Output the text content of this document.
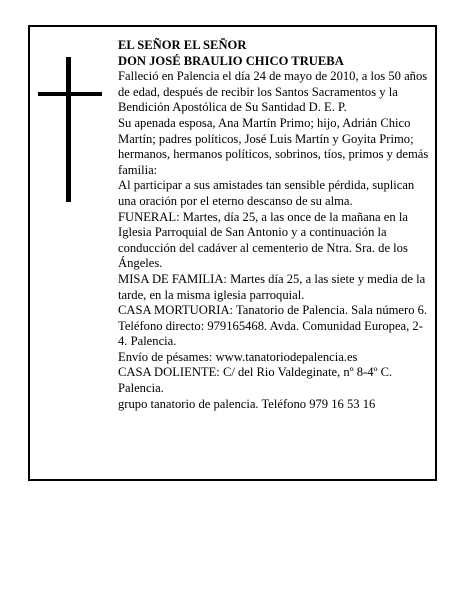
EL SEÑOR EL SEÑOR

DON JOSÉ BRAULIO CHICO TRUEBA

Falleció en Palencia el día 24 de mayo de 2010, a los 50 años de edad, después de recibir los Santos Sacramentos y la Bendición Apostólica de Su Santidad D. E. P.

Su apenada esposa, Ana Martín Primo; hijo, Adrián Chico Martín; padres políticos, José Luis Martín y Goyita Primo; hermanos, hermanos políticos, sobrinos, tíos, primos y demás familia:

Al participar a sus amistades tan sensible pérdida, suplican una oración por el eterno descanso de su alma.

FUNERAL: Martes, día 25, a las once de la mañana en la Iglesia Parroquial de San Antonio y a continuación la conducción del cadáver al cementerio de Ntra. Sra. de los Ángeles.

MISA DE FAMILIA: Martes día 25, a las siete y media de la tarde, en la misma iglesia parroquial.

CASA MORTUORIA: Tanatorio de Palencia. Sala número 6. Teléfono directo: 979165468. Avda. Comunidad Europea, 2-4. Palencia.

Envío de pésames: www.tanatoriodepalencia.es

CASA DOLIENTE: C/ del Rio Valdeginate, nº 8-4º C. Palencia.

grupo tanatorio de palencia. Teléfono 979 16 53 16
